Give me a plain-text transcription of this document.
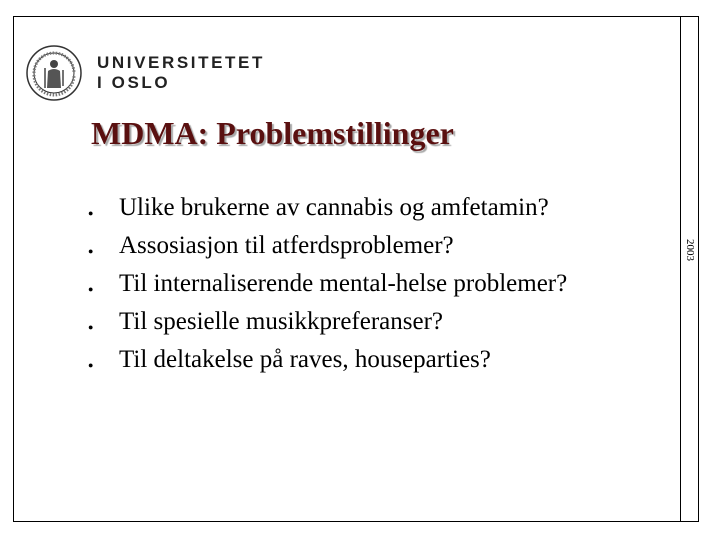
2003
UNIVERSITETET
I OSLO
MDMA: Problemstillinger
●	Ulike brukerne av cannabis og amfetamin?
●	Assosiasjon til atferdsproblemer?
●	Til internaliserende mental-helse problemer?
●	Til spesielle musikkpreferanser?
●	Til deltakelse på raves, houseparties?
